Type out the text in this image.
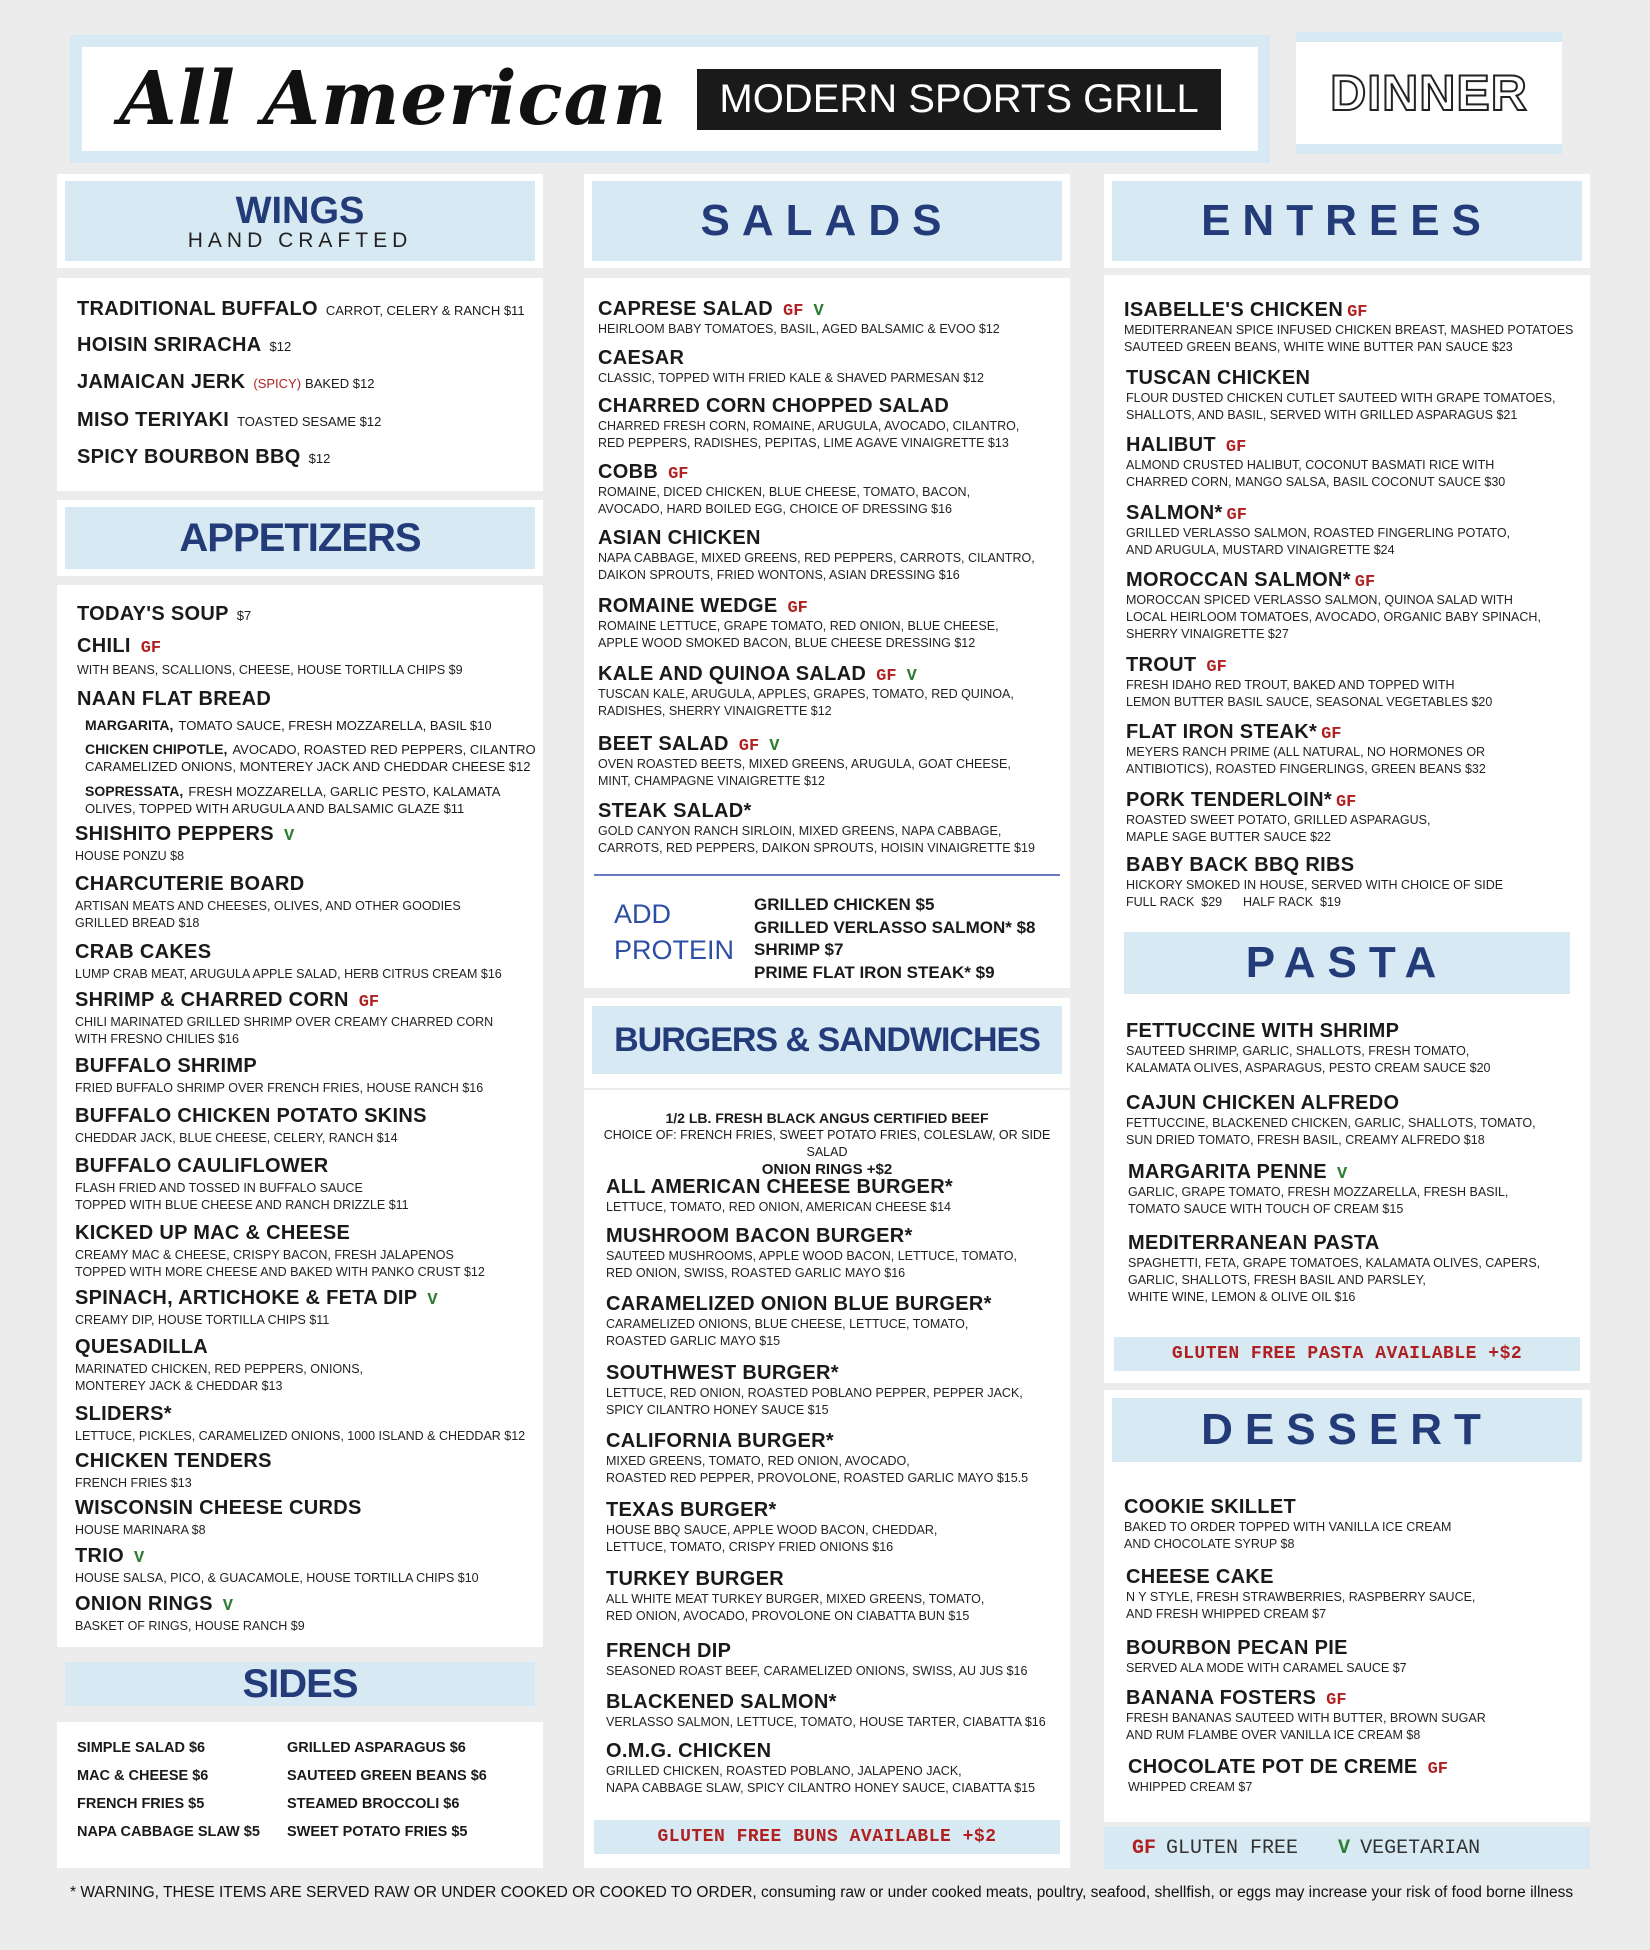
All American	MODERN SPORTS GRILL	DINNER
WINGS
HAND CRAFTED
TRADITIONAL BUFFALO CARROT, CELERY & RANCH $11
HOISIN SRIRACHA $12
JAMAICAN JERK (SPICY) BAKED $12
MISO TERIYAKI TOASTED SESAME $12
SPICY BOURBON BBQ $12
APPETIZERS
TODAY'S SOUP $7
CHILI GF
WITH BEANS, SCALLIONS, CHEESE, HOUSE TORTILLA CHIPS $9
NAAN FLAT BREAD
MARGARITA, TOMATO SAUCE, FRESH MOZZARELLA, BASIL $10
CHICKEN CHIPOTLE, AVOCADO, ROASTED RED PEPPERS, CILANTRO
CARAMELIZED ONIONS, MONTEREY JACK AND CHEDDAR CHEESE $12
SOPRESSATA, FRESH MOZZARELLA, GARLIC PESTO, KALAMATA
OLIVES, TOPPED WITH ARUGULA AND BALSAMIC GLAZE $11
SHISHITO PEPPERS V
HOUSE PONZU $8
CHARCUTERIE BOARD
ARTISAN MEATS AND CHEESES, OLIVES, AND OTHER GOODIES
GRILLED BREAD $18
CRAB CAKES
LUMP CRAB MEAT, ARUGULA APPLE SALAD, HERB CITRUS CREAM $16
SHRIMP & CHARRED CORN GF
CHILI MARINATED GRILLED SHRIMP OVER CREAMY CHARRED CORN
WITH FRESNO CHILIES $16
BUFFALO SHRIMP
FRIED BUFFALO SHRIMP OVER FRENCH FRIES, HOUSE RANCH $16
BUFFALO CHICKEN POTATO SKINS
CHEDDAR JACK, BLUE CHEESE, CELERY, RANCH $14
BUFFALO CAULIFLOWER
FLASH FRIED AND TOSSED IN BUFFALO SAUCE
TOPPED WITH BLUE CHEESE AND RANCH DRIZZLE $11
KICKED UP MAC & CHEESE
CREAMY MAC & CHEESE, CRISPY BACON, FRESH JALAPENOS
TOPPED WITH MORE CHEESE AND BAKED WITH PANKO CRUST $12
SPINACH, ARTICHOKE & FETA DIP V
CREAMY DIP, HOUSE TORTILLA CHIPS $11
QUESADILLA
MARINATED CHICKEN, RED PEPPERS, ONIONS,
MONTEREY JACK & CHEDDAR $13
SLIDERS*
LETTUCE, PICKLES, CARAMELIZED ONIONS, 1000 ISLAND & CHEDDAR $12
CHICKEN TENDERS
FRENCH FRIES $13
WISCONSIN CHEESE CURDS
HOUSE MARINARA $8
TRIO V
HOUSE SALSA, PICO, & GUACAMOLE, HOUSE TORTILLA CHIPS $10
ONION RINGS V
BASKET OF RINGS, HOUSE RANCH $9
SIDES
SIMPLE SALAD $6	GRILLED ASPARAGUS $6
MAC & CHEESE $6	SAUTEED GREEN BEANS $6
FRENCH FRIES $5	STEAMED BROCCOLI $6
NAPA CABBAGE SLAW $5	SWEET POTATO FRIES $5
SALADS
CAPRESE SALAD GF V
HEIRLOOM BABY TOMATOES, BASIL, AGED BALSAMIC & EVOO $12
CAESAR
CLASSIC, TOPPED WITH FRIED KALE & SHAVED PARMESAN $12
CHARRED CORN CHOPPED SALAD
CHARRED FRESH CORN, ROMAINE, ARUGULA, AVOCADO, CILANTRO,
RED PEPPERS, RADISHES, PEPITAS, LIME AGAVE VINAIGRETTE $13
COBB GF
ROMAINE, DICED CHICKEN, BLUE CHEESE, TOMATO, BACON,
AVOCADO, HARD BOILED EGG, CHOICE OF DRESSING $16
ASIAN CHICKEN
NAPA CABBAGE, MIXED GREENS, RED PEPPERS, CARROTS, CILANTRO,
DAIKON SPROUTS, FRIED WONTONS, ASIAN DRESSING $16
ROMAINE WEDGE GF
ROMAINE LETTUCE, GRAPE TOMATO, RED ONION, BLUE CHEESE,
APPLE WOOD SMOKED BACON, BLUE CHEESE DRESSING $12
KALE AND QUINOA SALAD GF V
TUSCAN KALE, ARUGULA, APPLES, GRAPES, TOMATO, RED QUINOA,
RADISHES, SHERRY VINAIGRETTE $12
BEET SALAD GF V
OVEN ROASTED BEETS, MIXED GREENS, ARUGULA, GOAT CHEESE,
MINT, CHAMPAGNE VINAIGRETTE $12
STEAK SALAD*
GOLD CANYON RANCH SIRLOIN, MIXED GREENS, NAPA CABBAGE,
CARROTS, RED PEPPERS, DAIKON SPROUTS, HOISIN VINAIGRETTE $19
ADD
PROTEIN
GRILLED CHICKEN $5
GRILLED VERLASSO SALMON* $8
SHRIMP $7
PRIME FLAT IRON STEAK* $9
BURGERS & SANDWICHES
1/2 LB. FRESH BLACK ANGUS CERTIFIED BEEF
CHOICE OF: FRENCH FRIES, SWEET POTATO FRIES, COLESLAW, OR SIDE SALAD
ONION RINGS +$2
ALL AMERICAN CHEESE BURGER*
LETTUCE, TOMATO, RED ONION, AMERICAN CHEESE $14
MUSHROOM BACON BURGER*
SAUTEED MUSHROOMS, APPLE WOOD BACON, LETTUCE, TOMATO,
RED ONION, SWISS, ROASTED GARLIC MAYO $16
CARAMELIZED ONION BLUE BURGER*
CARAMELIZED ONIONS, BLUE CHEESE, LETTUCE, TOMATO,
ROASTED GARLIC MAYO $15
SOUTHWEST BURGER*
LETTUCE, RED ONION, ROASTED POBLANO PEPPER, PEPPER JACK,
SPICY CILANTRO HONEY SAUCE $15
CALIFORNIA BURGER*
MIXED GREENS, TOMATO, RED ONION, AVOCADO,
ROASTED RED PEPPER, PROVOLONE, ROASTED GARLIC MAYO $15.5
TEXAS BURGER*
HOUSE BBQ SAUCE, APPLE WOOD BACON, CHEDDAR,
LETTUCE, TOMATO, CRISPY FRIED ONIONS $16
TURKEY BURGER
ALL WHITE MEAT TURKEY BURGER, MIXED GREENS, TOMATO,
RED ONION, AVOCADO, PROVOLONE ON CIABATTA BUN $15
FRENCH DIP
SEASONED ROAST BEEF, CARAMELIZED ONIONS, SWISS, AU JUS $16
BLACKENED SALMON*
VERLASSO SALMON, LETTUCE, TOMATO, HOUSE TARTER, CIABATTA $16
O.M.G. CHICKEN
GRILLED CHICKEN, ROASTED POBLANO, JALAPENO JACK,
NAPA CABBAGE SLAW, SPICY CILANTRO HONEY SAUCE, CIABATTA $15
GLUTEN FREE BUNS AVAILABLE +$2
ENTREES
ISABELLE'S CHICKEN GF
MEDITERRANEAN SPICE INFUSED CHICKEN BREAST, MASHED POTATOES
SAUTEED GREEN BEANS, WHITE WINE BUTTER PAN SAUCE $23
TUSCAN CHICKEN
FLOUR DUSTED CHICKEN CUTLET SAUTEED WITH GRAPE TOMATOES,
SHALLOTS, AND BASIL, SERVED WITH GRILLED ASPARAGUS $21
HALIBUT GF
ALMOND CRUSTED HALIBUT, COCONUT BASMATI RICE WITH
CHARRED CORN, MANGO SALSA, BASIL COCONUT SAUCE $30
SALMON* GF
GRILLED VERLASSO SALMON, ROASTED FINGERLING POTATO,
AND ARUGULA, MUSTARD VINAIGRETTE $24
MOROCCAN SALMON* GF
MOROCCAN SPICED VERLASSO SALMON, QUINOA SALAD WITH
LOCAL HEIRLOOM TOMATOES, AVOCADO, ORGANIC BABY SPINACH,
SHERRY VINAIGRETTE $27
TROUT GF
FRESH IDAHO RED TROUT, BAKED AND TOPPED WITH
LEMON BUTTER BASIL SAUCE, SEASONAL VEGETABLES $20
FLAT IRON STEAK* GF
MEYERS RANCH PRIME (ALL NATURAL, NO HORMONES OR
ANTIBIOTICS), ROASTED FINGERLINGS, GREEN BEANS $32
PORK TENDERLOIN* GF
ROASTED SWEET POTATO, GRILLED ASPARAGUS,
MAPLE SAGE BUTTER SAUCE $22
BABY BACK BBQ RIBS
HICKORY SMOKED IN HOUSE, SERVED WITH CHOICE OF SIDE
FULL RACK  $29      HALF RACK  $19
PASTA
FETTUCCINE WITH SHRIMP
SAUTEED SHRIMP, GARLIC, SHALLOTS, FRESH TOMATO,
KALAMATA OLIVES, ASPARAGUS, PESTO CREAM SAUCE $20
CAJUN CHICKEN ALFREDO
FETTUCCINE, BLACKENED CHICKEN, GARLIC, SHALLOTS, TOMATO,
SUN DRIED TOMATO, FRESH BASIL, CREAMY ALFREDO $18
MARGARITA PENNE V
GARLIC, GRAPE TOMATO, FRESH MOZZARELLA, FRESH BASIL,
TOMATO SAUCE WITH TOUCH OF CREAM $15
MEDITERRANEAN PASTA
SPAGHETTI, FETA, GRAPE TOMATOES, KALAMATA OLIVES, CAPERS,
GARLIC, SHALLOTS, FRESH BASIL AND PARSLEY,
WHITE WINE, LEMON & OLIVE OIL $16
GLUTEN FREE PASTA AVAILABLE +$2
DESSERT
COOKIE SKILLET
BAKED TO ORDER TOPPED WITH VANILLA ICE CREAM
AND CHOCOLATE SYRUP $8
CHEESE CAKE
N Y STYLE, FRESH STRAWBERRIES, RASPBERRY SAUCE,
AND FRESH WHIPPED CREAM $7
BOURBON PECAN PIE
SERVED ALA MODE WITH CARAMEL SAUCE $7
BANANA FOSTERS GF
FRESH BANANAS SAUTEED WITH BUTTER, BROWN SUGAR
AND RUM FLAMBE OVER VANILLA ICE CREAM $8
CHOCOLATE POT DE CREME GF
WHIPPED CREAM $7
GF GLUTEN FREE V VEGETARIAN
* WARNING, THESE ITEMS ARE SERVED RAW OR UNDER COOKED OR COOKED TO ORDER, consuming raw or under cooked meats, poultry, seafood, shellfish, or eggs may increase your risk of food borne illness
